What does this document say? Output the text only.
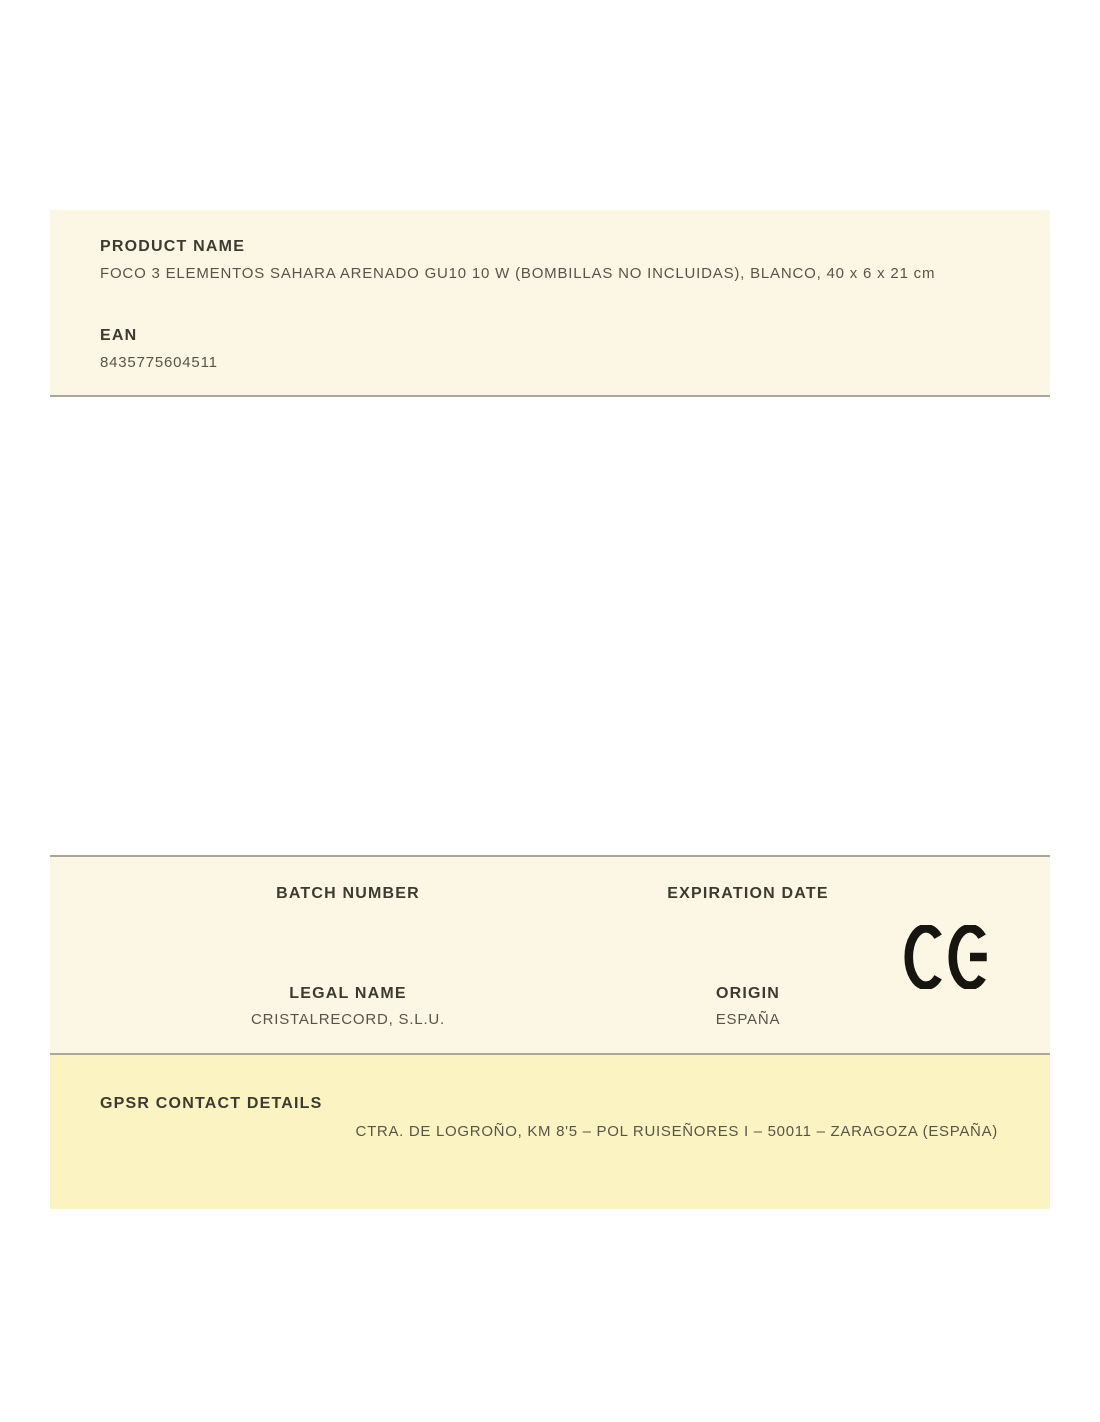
PRODUCT NAME
FOCO 3 ELEMENTOS SAHARA ARENADO GU10 10 W (BOMBILLAS NO INCLUIDAS), BLANCO, 40 x 6 x 21 cm
EAN
8435775604511
BATCH NUMBER	EXPIRATION DATE
LEGAL NAME
CRISTALRECORD, S.L.U.
ORIGIN
ESPAÑA
GPSR CONTACT DETAILS
CTRA. DE LOGROÑO, KM 8'5 – POL RUISEÑORES I – 50011 – ZARAGOZA (ESPAÑA)
